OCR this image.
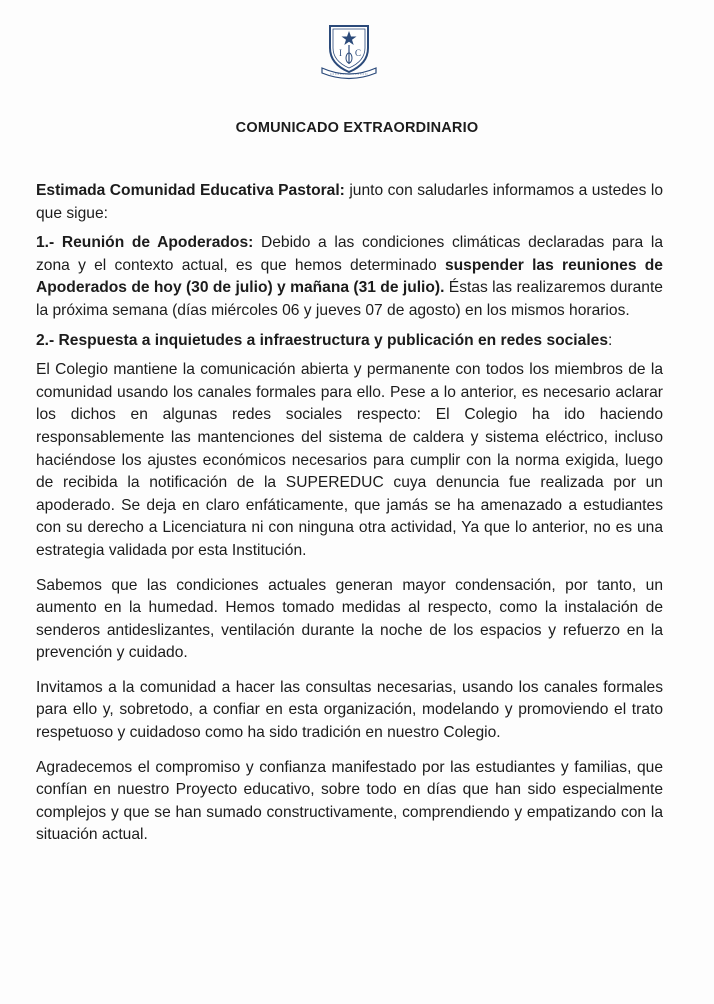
I C
COMUNICADO EXTRAORDINARIO

Estimada Comunidad Educativa Pastoral: junto con saludarles informamos a ustedes lo que sigue:

1.- Reunión de Apoderados: Debido a las condiciones climáticas declaradas para la zona y el contexto actual, es que hemos determinado suspender las reuniones de Apoderados de hoy (30 de julio) y mañana (31 de julio). Éstas las realizaremos durante la próxima semana (días miércoles 06 y jueves 07 de agosto) en los mismos horarios.

2.- Respuesta a inquietudes a infraestructura y publicación en redes sociales:

El Colegio mantiene la comunicación abierta y permanente con todos los miembros de la comunidad usando los canales formales para ello. Pese a lo anterior, es necesario aclarar los dichos en algunas redes sociales respecto: El Colegio ha ido haciendo responsablemente las mantenciones del sistema de caldera y sistema eléctrico, incluso haciéndose los ajustes económicos necesarios para cumplir con la norma exigida, luego de recibida la notificación de la SUPEREDUC cuya denuncia fue realizada por un apoderado. Se deja en claro enfáticamente, que jamás se ha amenazado a estudiantes con su derecho a Licenciatura ni con ninguna otra actividad, Ya que lo anterior, no es una estrategia validada por esta Institución.

Sabemos que las condiciones actuales generan mayor condensación, por tanto, un aumento en la humedad. Hemos tomado medidas al respecto, como la instalación de senderos antideslizantes, ventilación durante la noche de los espacios y refuerzo en la prevención y cuidado.

Invitamos a la comunidad a hacer las consultas necesarias, usando los canales formales para ello y, sobretodo, a confiar en esta organización, modelando y promoviendo el trato respetuoso y cuidadoso como ha sido tradición en nuestro Colegio.

Agradecemos el compromiso y confianza manifestado por las estudiantes y familias, que confían en nuestro Proyecto educativo, sobre todo en días que han sido especialmente complejos y que se han sumado constructivamente, comprendiendo y empatizando con la situación actual.
